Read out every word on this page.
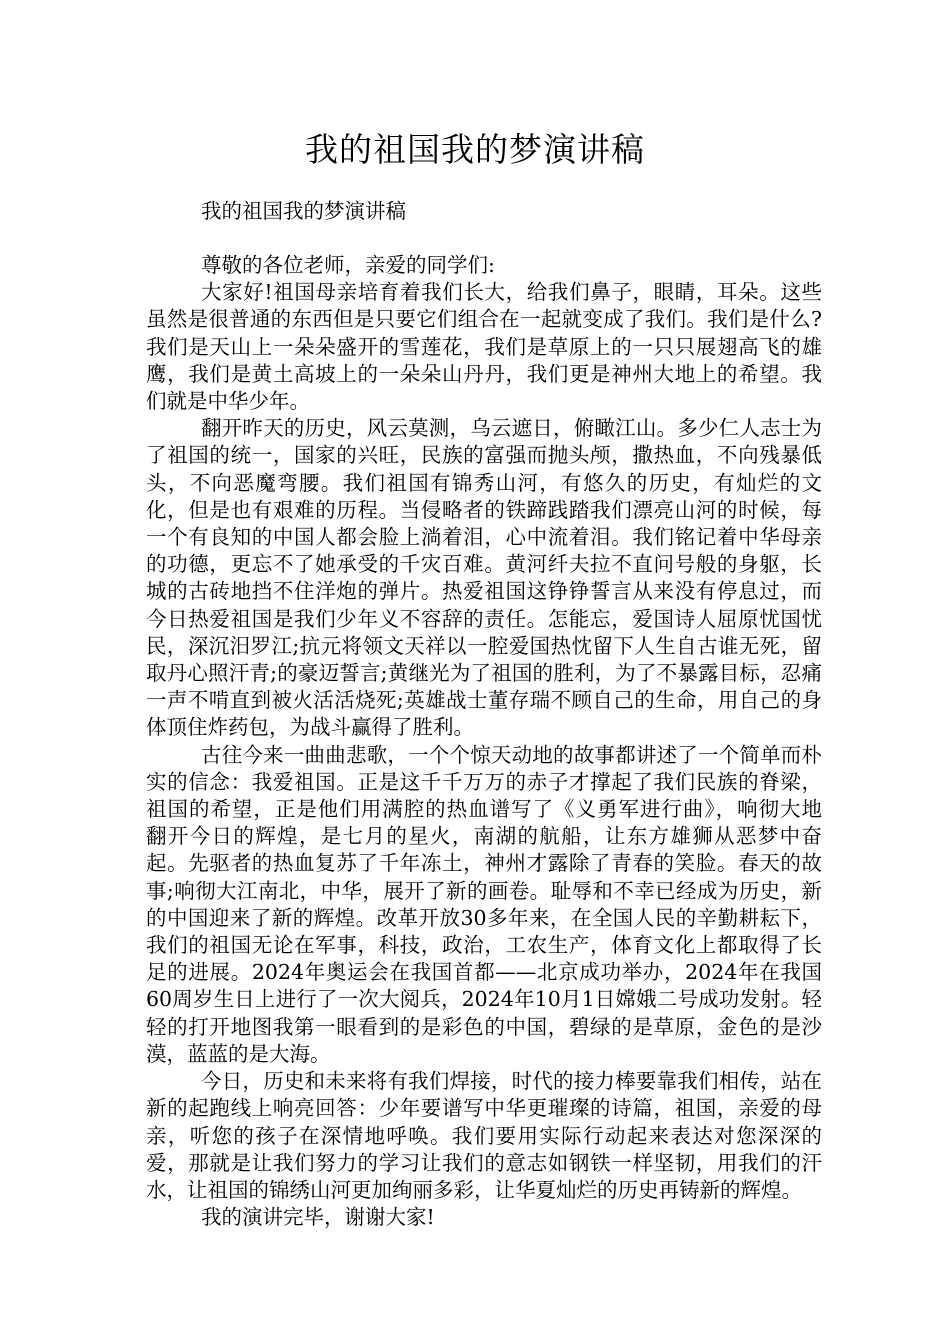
我的祖国我的梦演讲稿

我的祖国我的梦演讲稿

尊敬的各位老师，亲爱的同学们:

大家好!祖国母亲培育着我们长大，给我们鼻子，眼睛，耳朵。这些虽然是很普通的东西但是只要它们组合在一起就变成了我们。我们是什么?我们是天山上一朵朵盛开的雪莲花，我们是草原上的一只只展翅高飞的雄鹰，我们是黄土高坡上的一朵朵山丹丹，我们更是神州大地上的希望。我们就是中华少年。

翻开昨天的历史，风云莫测，乌云遮日，俯瞰江山。多少仁人志士为了祖国的统一，国家的兴旺，民族的富强而抛头颅，撒热血，不向残暴低头，不向恶魔弯腰。我们祖国有锦秀山河，有悠久的历史，有灿烂的文化，但是也有艰难的历程。当侵略者的铁蹄践踏我们漂亮山河的时候，每一个有良知的中国人都会脸上淌着泪，心中流着泪。我们铭记着中华母亲的功德，更忘不了她承受的千灾百难。黄河纤夫拉不直问号般的身躯，长城的古砖地挡不住洋炮的弹片。热爱祖国这铮铮誓言从来没有停息过，而今日热爱祖国是我们少年义不容辞的责任。怎能忘，爱国诗人屈原忧国忧民，深沉汨罗江;抗元将领文天祥以一腔爱国热忱留下人生自古谁无死，留取丹心照汗青;的豪迈誓言;黄继光为了祖国的胜利，为了不暴露目标，忍痛一声不啃直到被火活活烧死;英雄战士董存瑞不顾自己的生命，用自己的身体顶住炸药包，为战斗赢得了胜利。

古往今来一曲曲悲歌，一个个惊天动地的故事都讲述了一个简单而朴实的信念：我爱祖国。正是这千千万万的赤子才撑起了我们民族的脊梁，祖国的希望，正是他们用满腔的热血谱写了《义勇军进行曲》，响彻大地　　翻开今日的辉煌，是七月的星火，南湖的航船，让东方雄狮从恶梦中奋起。先驱者的热血复苏了千年冻土，神州才露除了青春的笑脸。春天的故事;响彻大江南北，中华，展开了新的画卷。耻辱和不幸已经成为历史，新的中国迎来了新的辉煌。改革开放30多年来，在全国人民的辛勤耕耘下，我们的祖国无论在军事，科技，政治，工农生产，体育文化上都取得了长足的进展。2024年奥运会在我国首都——北京成功举办，2024年在我国60周岁生日上进行了一次大阅兵，2024年10月1日嫦娥二号成功发射。轻轻的打开地图我第一眼看到的是彩色的中国，碧绿的是草原，金色的是沙漠，蓝蓝的是大海。

今日，历史和未来将有我们焊接，时代的接力棒要靠我们相传，站在新的起跑线上响亮回答：少年要谱写中华更璀璨的诗篇，祖国，亲爱的母亲，听您的孩子在深情地呼唤。我们要用实际行动起来表达对您深深的爱，那就是让我们努力的学习让我们的意志如钢铁一样坚韧，用我们的汗水，让祖国的锦绣山河更加绚丽多彩，让华夏灿烂的历史再铸新的辉煌。

我的演讲完毕，谢谢大家!
